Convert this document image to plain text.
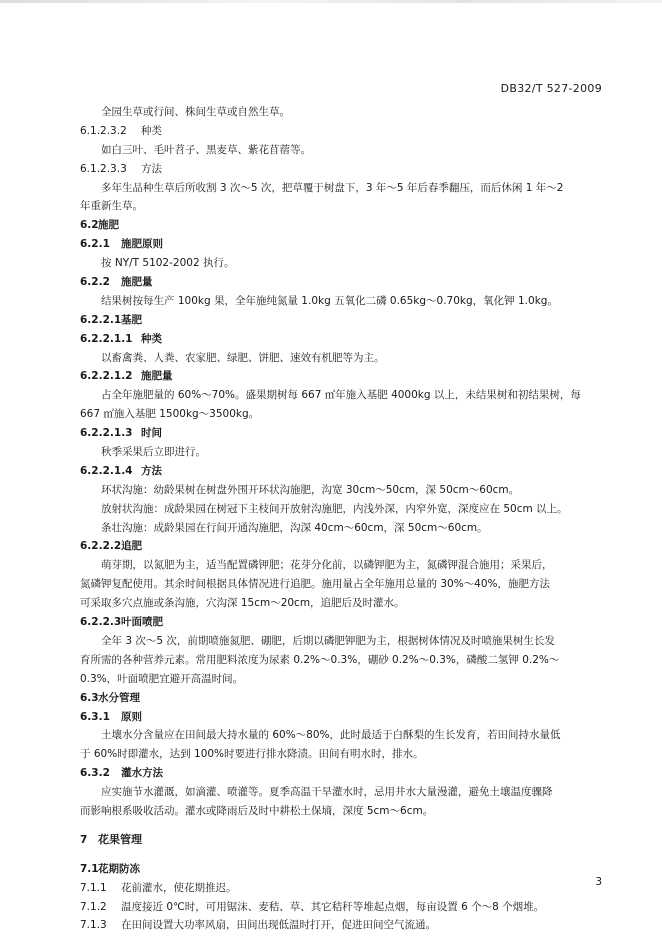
DB32/T 527-2009
全园生草或行间、株间生草或自然生草。
6.1.2.3.2 种类
如白三叶、毛叶苕子、黑麦草、紫花苜蓿等。
6.1.2.3.3 方法
多年生品种生草后所收割 3 次～5 次，把草覆于树盘下，3 年～5 年后春季翻压，而后休闲 1 年～2
年重新生草。
6.2 施肥
6.2.1 施肥原则
按 NY/T 5102-2002 执行。
6.2.2 施肥量
结果树按每生产 100kg 果，全年施纯氮量 1.0kg 五氧化二磷 0.65kg～0.70kg，氧化钾 1.0kg。
6.2.2.1 基肥
6.2.2.1.1 种类
以畜禽粪、人粪、农家肥、绿肥、饼肥、速效有机肥等为主。
6.2.2.1.2 施肥量
占全年施肥量的 60%～70%。盛果期树每 667 ㎡年施入基肥 4000kg 以上，未结果树和初结果树，每
667 ㎡施入基肥 1500kg～3500kg。
6.2.2.1.3 时间
秋季采果后立即进行。
6.2.2.1.4 方法
环状沟施：幼龄果树在树盘外围开环状沟施肥，沟宽 30cm～50cm，深 50cm～60cm。
放射状沟施：成龄果园在树冠下主枝间开放射沟施肥，内浅外深，内窄外宽，深度应在 50cm 以上。
条壮沟施：成龄果园在行间开通沟施肥，沟深 40cm～60cm，深 50cm～60cm。
6.2.2.2 追肥
萌芽期，以氮肥为主，适当配置磷钾肥；花芽分化前，以磷钾肥为主，氮磷钾混合施用；采果后，
氮磷钾复配使用。其余时间根据具体情况进行追肥。施用量占全年施用总量的 30%～40%，施肥方法
可采取多穴点施或条沟施，穴沟深 15cm～20cm，追肥后及时灌水。
6.2.2.3 叶面喷肥
全年 3 次～5 次，前期喷施氮肥、硼肥，后期以磷肥钾肥为主，根据树体情况及时喷施果树生长发
育所需的各种营养元素。常用肥料浓度为尿素 0.2%～0.3%，硼砂 0.2%～0.3%，磷酸二氢钾 0.2%～
0.3%，叶面喷肥宜避开高温时间。
6.3 水分管理
6.3.1 原则
土壤水分含量应在田间最大持水量的 60%～80%，此时最适于白酥梨的生长发育，若田间持水量低
于 60%时即灌水，达到 100%时要进行排水降渍。田间有明水时，排水。
6.3.2 灌水方法
应实施节水灌溉，如滴灌、喷灌等。夏季高温干旱灌水时，忌用井水大量漫灌，避免土壤温度骤降
而影响根系吸收活动。灌水或降雨后及时中耕松土保墒，深度 5cm～6cm。
7 花果管理
7.1 花期防冻
7.1.1 花前灌水，使花期推迟。
7.1.2 温度接近 0℃时，可用锯沫、麦秸、草、其它秸秆等堆起点烟，每亩设置 6 个～8 个烟堆。
7.1.3 在田间设置大功率风扇，田间出现低温时打开，促进田间空气流通。
3
